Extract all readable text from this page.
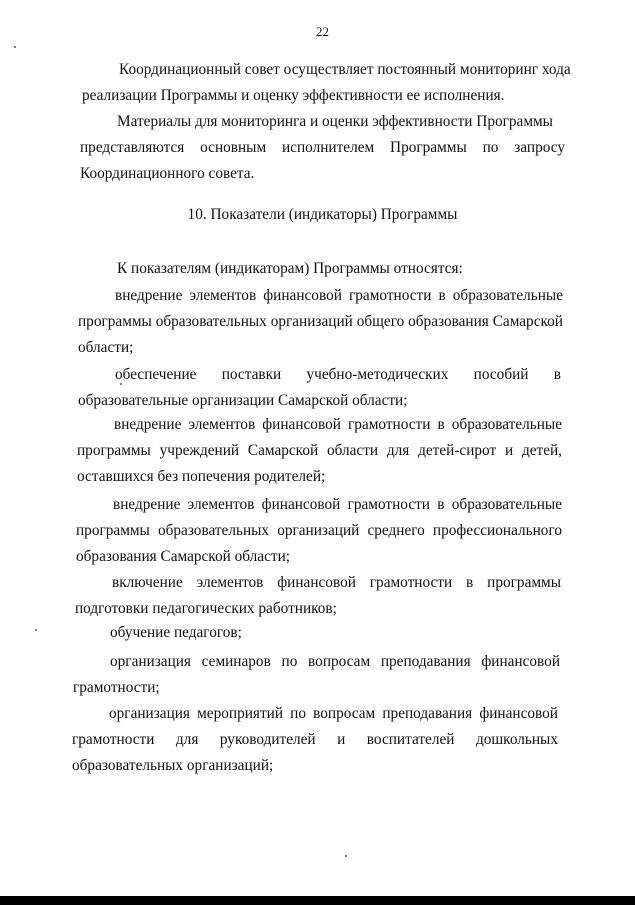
22
Координационный совет осуществляет постоянный мониторинг хода
реализации Программы и оценку эффективности ее исполнения.
Материалы для мониторинга и оценки эффективности Программы
представляются основным исполнителем Программы по запросу
Координационного совета.
10. Показатели (индикаторы) Программы
К показателям (индикаторам) Программы относятся:
внедрение элементов финансовой грамотности в образовательные
программы образовательных организаций общего образования Самарской
области;
обеспечение поставки учебно-методических пособий в
образовательные организации Самарской области;
внедрение элементов финансовой грамотности в образовательные
программы учреждений Самарской области для детей-сирот и детей,
оставшихся без попечения родителей;
внедрение элементов финансовой грамотности в образовательные
программы образовательных организаций среднего профессионального
образования Самарской области;
включение элементов финансовой грамотности в программы
подготовки педагогических работников;
обучение педагогов;
организация семинаров по вопросам преподавания финансовой
грамотности;
организация мероприятий по вопросам преподавания финансовой
грамотности для руководителей и воспитателей дошкольных
образовательных организаций;
